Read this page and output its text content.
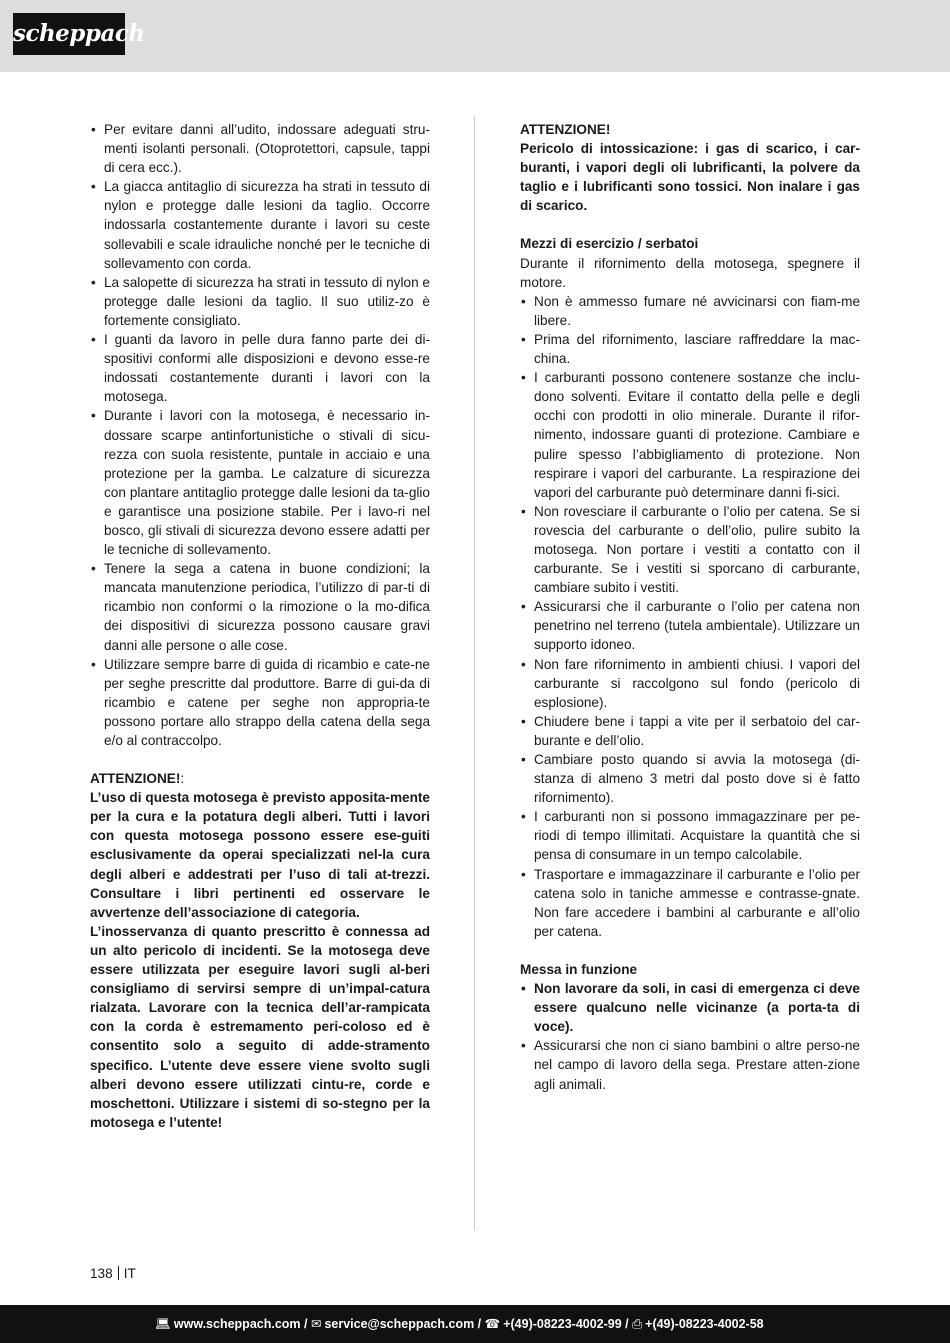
scheppach
• Per evitare danni all’udito, indossare adeguati stru-menti isolanti personali. (Otoprotettori, capsule, tappi di cera ecc.).
• La giacca antitaglio di sicurezza ha strati in tessuto di nylon e protegge dalle lesioni da taglio. Occorre indossarla costantemente durante i lavori su ceste sollevabili e scale idrauliche nonché per le tecniche di sollevamento con corda.
• La salopette di sicurezza ha strati in tessuto di nylon e protegge dalle lesioni da taglio. Il suo utiliz-zo è fortemente consigliato.
• I guanti da lavoro in pelle dura fanno parte dei di-spositivi conformi alle disposizioni e devono esse-re indossati costantemente duranti i lavori con la motosega.
• Durante i lavori con la motosega, è necessario in-dossare scarpe antinfortunistiche o stivali di sicu-rezza con suola resistente, puntale in acciaio e una protezione per la gamba. Le calzature di sicurezza con plantare antitaglio protegge dalle lesioni da ta-glio e garantisce una posizione stabile. Per i lavo-ri nel bosco, gli stivali di sicurezza devono essere adatti per le tecniche di sollevamento.
• Tenere la sega a catena in buone condizioni; la mancata manutenzione periodica, l’utilizzo di par-ti di ricambio non conformi o la rimozione o la mo-difica dei dispositivi di sicurezza possono causare gravi danni alle persone o alle cose.
• Utilizzare sempre barre di guida di ricambio e cate-ne per seghe prescritte dal produttore. Barre di gui-da di ricambio e catene per seghe non appropria-te possono portare allo strappo della catena della sega e/o al contraccolpo.

ATTENZIONE!:

L’uso di questa motosega è previsto apposita-mente per la cura e la potatura degli alberi. Tutti i lavori con questa motosega possono essere ese-guiti esclusivamente da operai specializzati nel-la cura degli alberi e addestrati per l’uso di tali at-trezzi. Consultare i libri pertinenti ed osservare le avvertenze dell’associazione di categoria.

L’inosservanza di quanto prescritto è connessa ad un alto pericolo di incidenti. Se la motosega deve essere utilizzata per eseguire lavori sugli al-beri consigliamo di servirsi sempre di un’impal-catura rialzata. Lavorare con la tecnica dell’ar-rampicata con la corda è estremamento peri-coloso ed è consentito solo a seguito di adde-stramento specifico. L’utente deve essere viene svolto sugli alberi devono essere utilizzati cintu-re, corde e moschettoni. Utilizzare i sistemi di so-stegno per la motosega e l’utente!

ATTENZIONE!

Pericolo di intossicazione: i gas di scarico, i car-buranti, i vapori degli oli lubrificanti, la polvere da taglio e i lubrificanti sono tossici. Non inalare i gas di scarico.

Mezzi di esercizio / serbatoi

Durante il rifornimento della motosega, spegnere il motore.

• Non è ammesso fumare né avvicinarsi con fiam-me libere.
• Prima del rifornimento, lasciare raffreddare la mac-china.
• I carburanti possono contenere sostanze che inclu-dono solventi. Evitare il contatto della pelle e degli occhi con prodotti in olio minerale. Durante il rifor-nimento, indossare guanti di protezione. Cambiare e pulire spesso l’abbigliamento di protezione. Non respirare i vapori del carburante. La respirazione dei vapori del carburante può determinare danni fi-sici.
• Non rovesciare il carburante o l’olio per catena. Se si rovescia del carburante o dell’olio, pulire subito la motosega. Non portare i vestiti a contatto con il carburante. Se i vestiti si sporcano di carburante, cambiare subito i vestiti.
• Assicurarsi che il carburante o l’olio per catena non penetrino nel terreno (tutela ambientale). Utilizzare un supporto idoneo.
• Non fare rifornimento in ambienti chiusi. I vapori del carburante si raccolgono sul fondo (pericolo di esplosione).
• Chiudere bene i tappi a vite per il serbatoio del car-burante e dell’olio.
• Cambiare posto quando si avvia la motosega (di-stanza di almeno 3 metri dal posto dove si è fatto rifornimento).
• I carburanti non si possono immagazzinare per pe-riodi di tempo illimitati. Acquistare la quantità che si pensa di consumare in un tempo calcolabile.
• Trasportare e immagazzinare il carburante e l’olio per catena solo in taniche ammesse e contrasse-gnate. Non fare accedere i bambini al carburante e all’olio per catena.

Messa in funzione

• Non lavorare da soli, in casi di emergenza ci deve essere qualcuno nelle vicinanze (a porta-ta di voce).
• Assicurarsi che non ci siano bambini o altre perso-ne nel campo di lavoro della sega. Prestare atten-zione agli animali.
138 IT
💻︎ www.scheppach.com / ✉︎ service@scheppach.com / ☎︎ +(49)-08223-4002-99 / ⎙ +(49)-08223-4002-58
